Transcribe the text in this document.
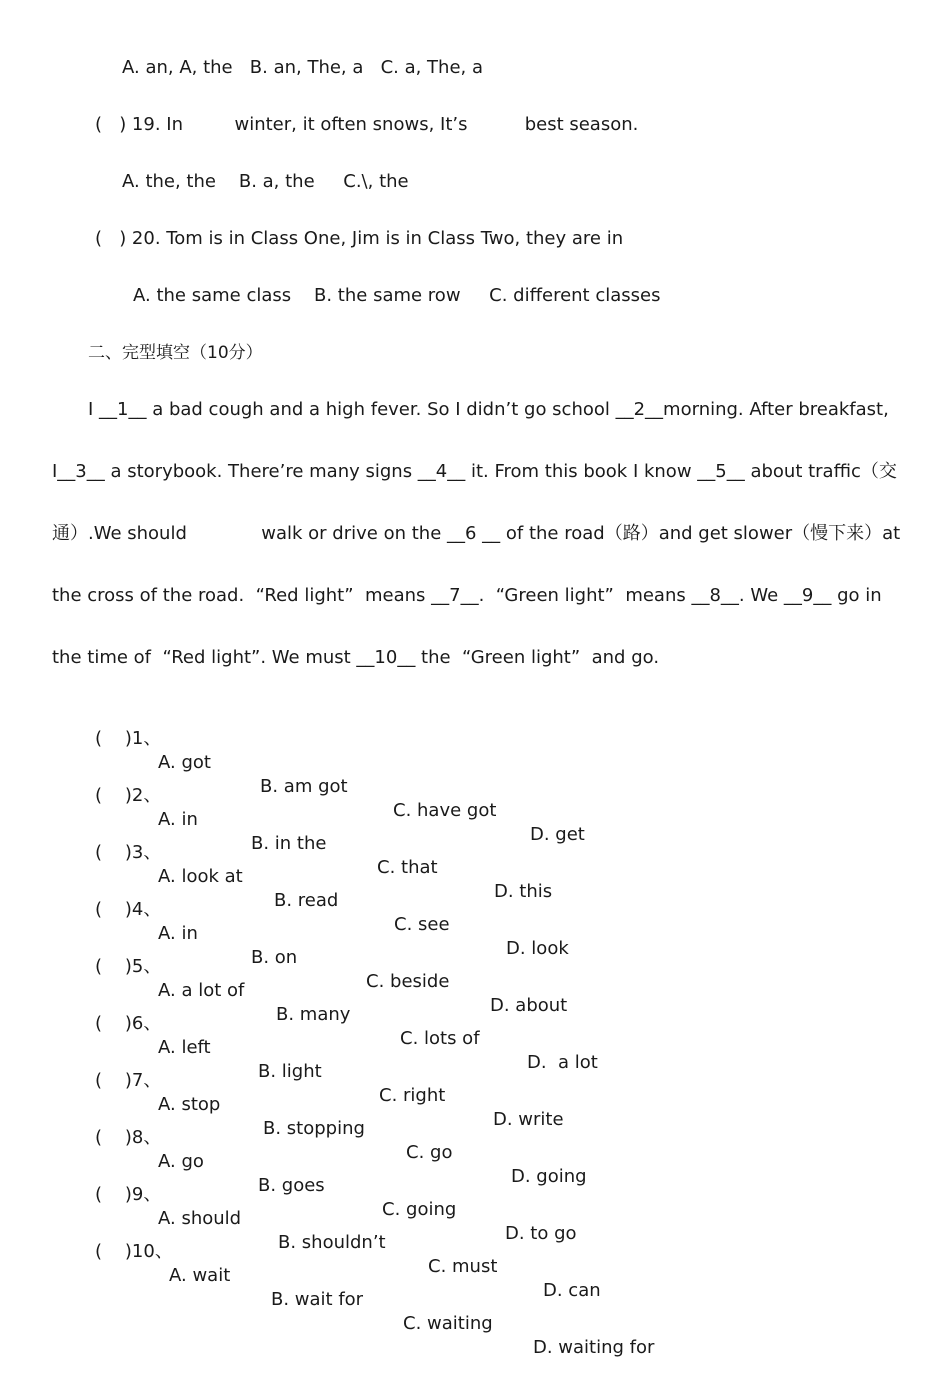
A. an, A, the   B. an, The, a   C. a, The, a
(   ) 19. In         winter, it often snows, It’s          best season.
A. the, the    B. a, the     C.\, the
(   ) 20. Tom is in Class One, Jim is in Class Two, they are in
A. the same class    B. the same row     C. different classes
二、完型填空（10分）
I __1__ a bad cough and a high fever. So I didn’t go school __2__morning. After breakfast,
I__3__ a storybook. There’re many signs __4__ it. From this book I know __5__ about traffic（交
通）.We should             walk or drive on the __6 __ of the road（路）and get slower（慢下来）at
the cross of the road.  “Red light”  means __7__.  “Green light”  means __8__. We __9__ go in
the time of  “Red light”. We must __10__ the  “Green light”  and go.

(    )1、

A. got

B. am got

C. have got

D. get

(    )2、

A. in

B. in the

C. that

D. this

(    )3、

A. look at

B. read

C. see

D. look

(    )4、

A. in

B. on

C. beside

D. about

(    )5、

A. a lot of

B. many

C. lots of

D.  a lot

(    )6、

A. left

B. light

C. right

D. write

(    )7、

A. stop

B. stopping

C. go

D. going

(    )8、

A. go

B. goes

C. going

D. to go

(    )9、

A. should

B. shouldn’t

C. must

D. can

(    )10、

A. wait

B. wait for

C. waiting

D. waiting for
